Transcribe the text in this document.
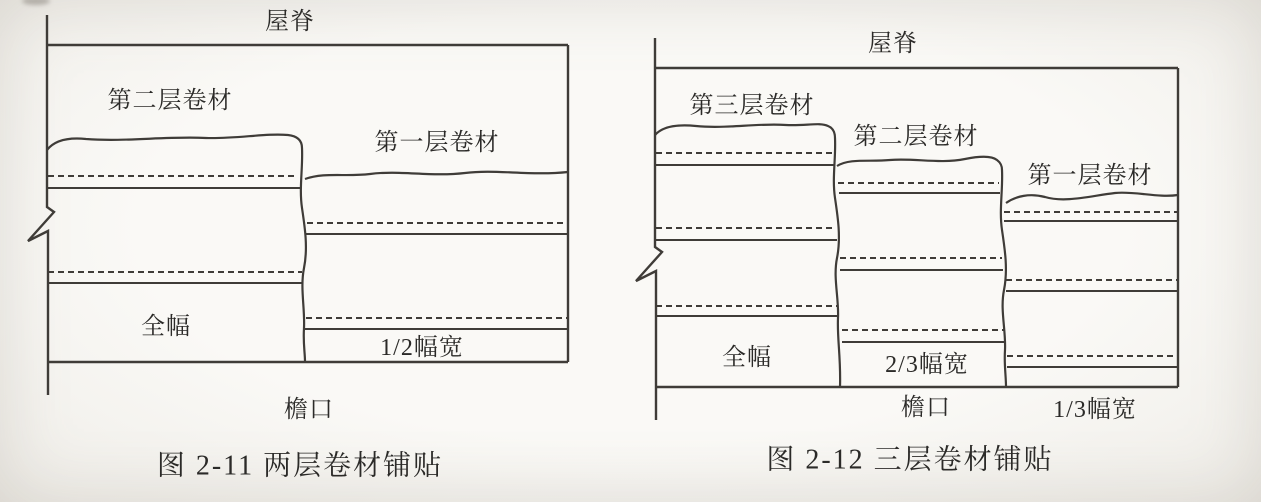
屋脊
第二层卷材
第一层卷材
全幅
1/2幅宽
檐口
图 2-11 两层卷材铺贴
屋脊
第三层卷材
第二层卷材
第一层卷材
全幅	2/3幅宽
檐口	1/3幅宽
图 2-12 三层卷材铺贴
